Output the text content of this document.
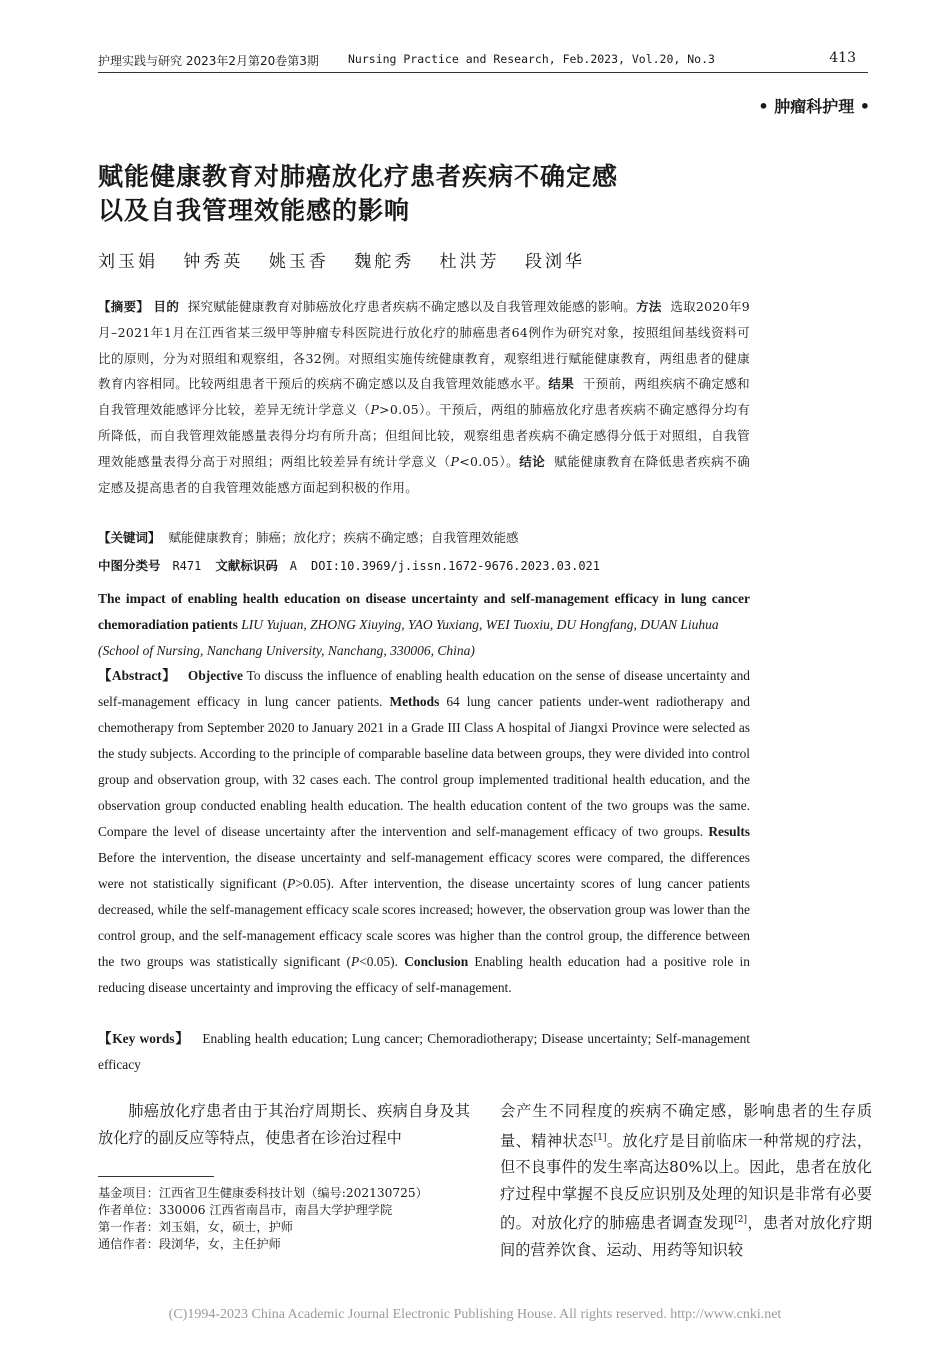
护理实践与研究 2023年2月第20卷第3期	Nursing Practice and Research, Feb.2023, Vol.20, No.3	413
• 肿瘤科护理 •
赋能健康教育对肺癌放化疗患者疾病不确定感
以及自我管理效能感的影响
刘玉娟 钟秀英 姚玉香 魏舵秀 杜洪芳 段浏华
【摘要】 目的 探究赋能健康教育对肺癌放化疗患者疾病不确定感以及自我管理效能感的影响。方法 选取2020年9月–2021年1月在江西省某三级甲等肿瘤专科医院进行放化疗的肺癌患者64例作为研究对象，按照组间基线资料可比的原则，分为对照组和观察组，各32例。对照组实施传统健康教育，观察组进行赋能健康教育，两组患者的健康教育内容相同。比较两组患者干预后的疾病不确定感以及自我管理效能感水平。结果 干预前，两组疾病不确定感和自我管理效能感评分比较，差异无统计学意义（P>0.05）。干预后，两组的肺癌放化疗患者疾病不确定感得分均有所降低，而自我管理效能感量表得分均有所升高；但组间比较，观察组患者疾病不确定感得分低于对照组，自我管理效能感量表得分高于对照组；两组比较差异有统计学意义（P<0.05）。结论 赋能健康教育在降低患者疾病不确定感及提高患者的自我管理效能感方面起到积极的作用。
【关键词】 赋能健康教育；肺癌；放化疗；疾病不确定感；自我管理效能感
中图分类号 R471 文献标识码 A DOI:10.3969/j.issn.1672-9676.2023.03.021
The impact of enabling health education on disease uncertainty and self-management efficacy in lung cancer chemoradiation patients LIU Yujuan, ZHONG Xiuying, YAO Yuxiang, WEI Tuoxiu, DU Hongfang, DUAN Liuhua
(School of Nursing, Nanchang University, Nanchang, 330006, China)
【Abstract】 Objective To discuss the influence of enabling health education on the sense of disease uncertainty and self-management efficacy in lung cancer patients. Methods 64 lung cancer patients under-went radiotherapy and chemotherapy from September 2020 to January 2021 in a Grade III Class A hospital of Jiangxi Province were selected as the study subjects. According to the principle of comparable baseline data between groups, they were divided into control group and observation group, with 32 cases each. The control group implemented traditional health education, and the observation group conducted enabling health education. The health education content of the two groups was the same. Compare the level of disease uncertainty after the intervention and self-management efficacy of two groups. Results Before the intervention, the disease uncertainty and self-management efficacy scores were compared, the differences were not statistically significant (P>0.05). After intervention, the disease uncertainty scores of lung cancer patients decreased, while the self-management efficacy scale scores increased; however, the observation group was lower than the control group, and the self-management efficacy scale scores was higher than the control group, the difference between the two groups was statistically significant (P<0.05). Conclusion Enabling health education had a positive role in reducing disease uncertainty and improving the efficacy of self-management.
【Key words】 Enabling health education; Lung cancer; Chemoradiotherapy; Disease uncertainty; Self-management efficacy
肺癌放化疗患者由于其治疗周期长、疾病自身及其放化疗的副反应等特点，使患者在诊治过程中
会产生不同程度的疾病不确定感，影响患者的生存质量、精神状态[1]。放化疗是目前临床一种常规的疗法，但不良事件的发生率高达80%以上。因此，患者在放化疗过程中掌握不良反应识别及处理的知识是非常有必要的。对放化疗的肺癌患者调查发现[2]，患者对放化疗期间的营养饮食、运动、用药等知识较
基金项目：江西省卫生健康委科技计划（编号:202130725）
作者单位：330006 江西省南昌市，南昌大学护理学院
第一作者：刘玉娟，女，硕士，护师
通信作者：段浏华，女，主任护师
(C)1994-2023 China Academic Journal Electronic Publishing House. All rights reserved. http://www.cnki.net
